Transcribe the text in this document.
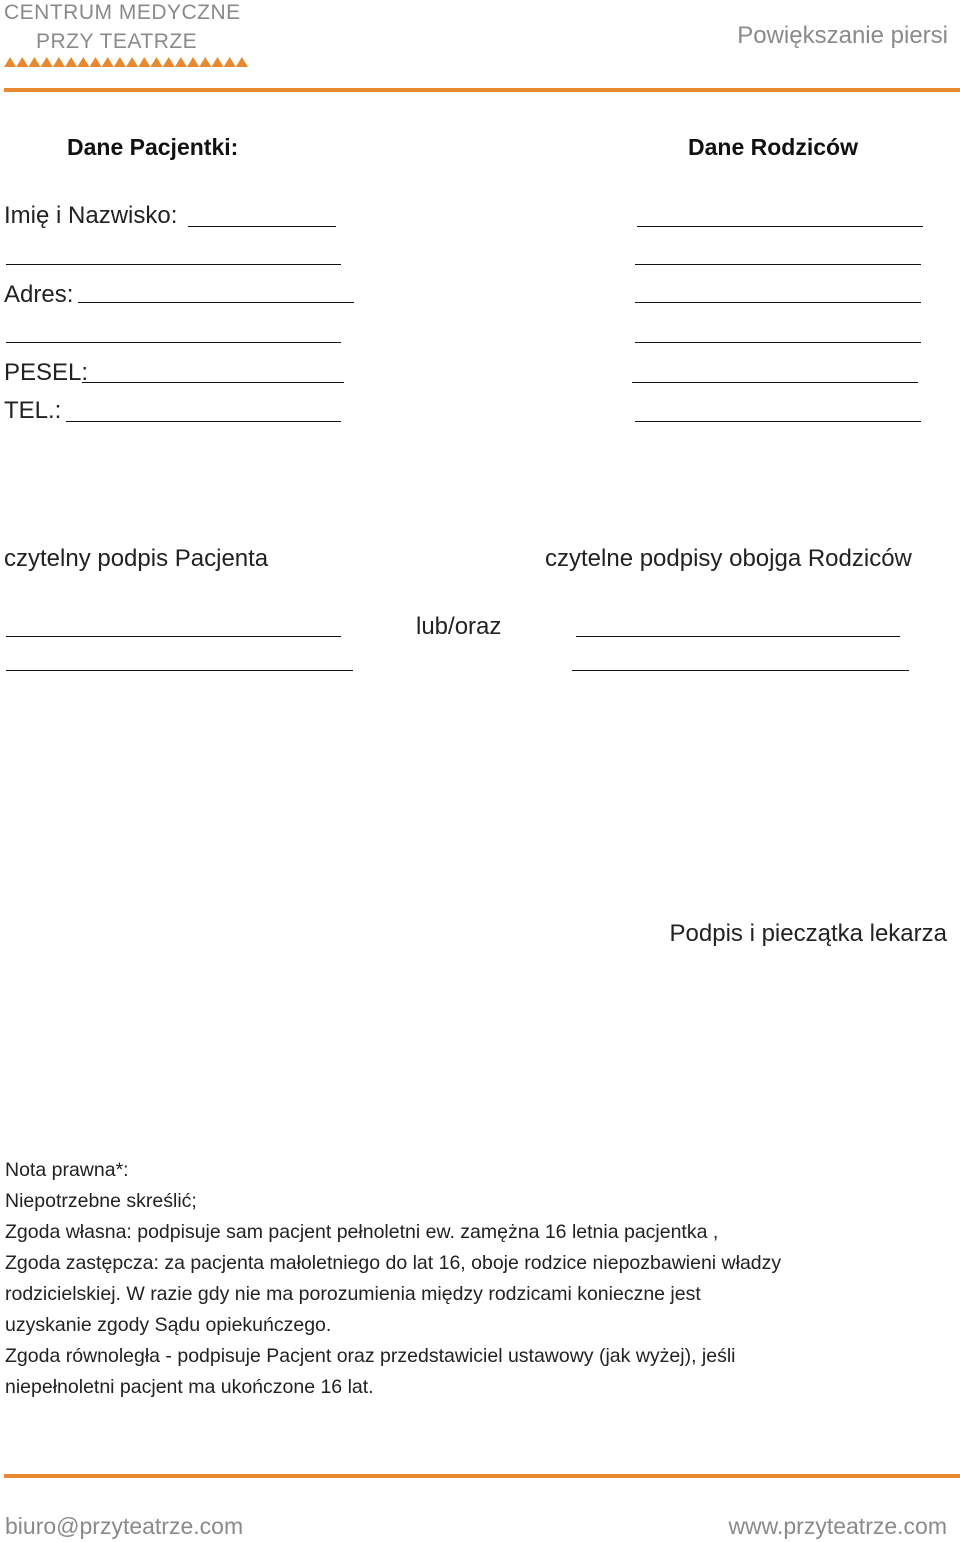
CENTRUM MEDYCZNE
PRZY TEATRZE	Powiększanie piersi
Dane Pacjentki:	Dane Rodziców
Imię i Nazwisko:
Adres:
PESEL:
TEL.:
czytelny podpis Pacjenta	czytelne podpisy obojga Rodziców
lub/oraz
Podpis i pieczątka lekarza
Nota prawna*:
Niepotrzebne skreślić;
Zgoda własna: podpisuje sam pacjent pełnoletni ew. zamężna 16 letnia pacjentka ,
Zgoda zastępcza: za pacjenta małoletniego do lat 16, oboje rodzice niepozbawieni władzy
rodzicielskiej. W razie gdy nie ma porozumienia między rodzicami konieczne jest
uzyskanie zgody Sądu opiekuńczego.
Zgoda równoległa - podpisuje Pacjent oraz przedstawiciel ustawowy (jak wyżej), jeśli
niepełnoletni pacjent ma ukończone 16 lat.
biuro@przyteatrze.com	www.przyteatrze.com
